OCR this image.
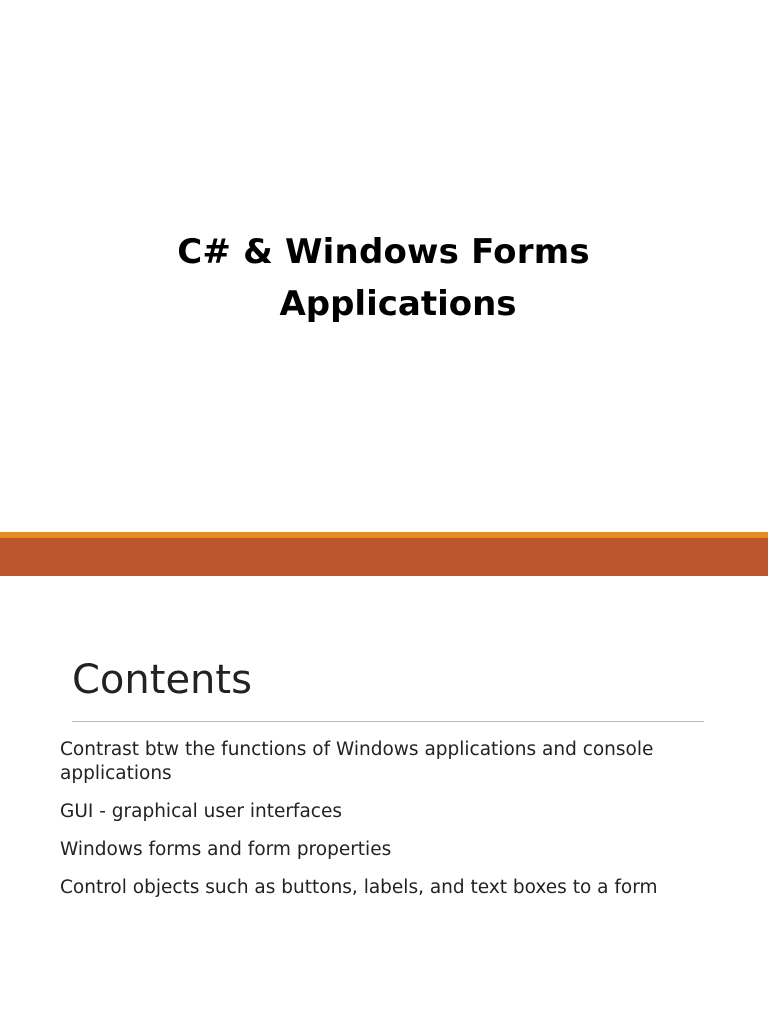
C# & Windows Forms
Applications
Contents
Contrast btw the functions of Windows applications and console applications
GUI - graphical user interfaces
Windows forms and form properties
Control objects such as buttons, labels, and text boxes to a form
